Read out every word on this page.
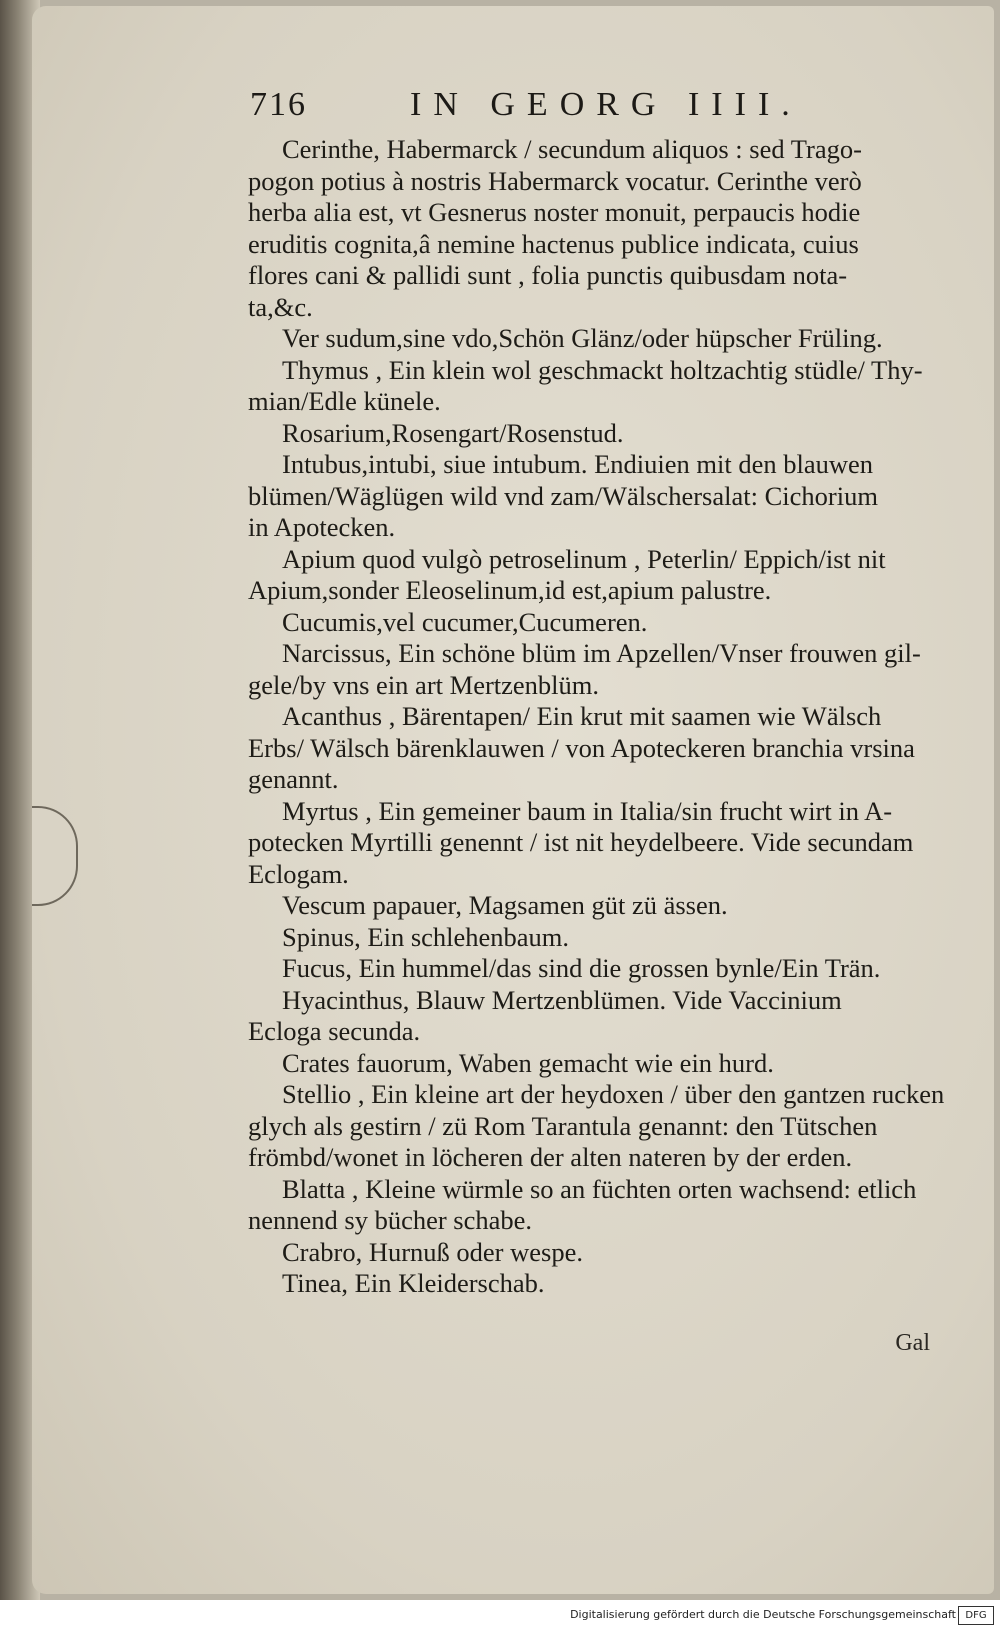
716	IN GEORG IIII.
Cerinthe, Habermarck / secundum aliquos : sed Trago-
pogon potius à nostris Habermarck vocatur. Cerinthe verò
herba alia est, vt Gesnerus noster monuit, perpaucis hodie
eruditis cognita,â nemine hactenus publice indicata, cuius
flores cani & pallidi sunt , folia punctis quibusdam nota-
ta,&c.
Ver sudum,sine vdo,Schön Glänz/oder hüpscher Früling.
Thymus , Ein klein wol geschmackt holtzachtig stüdle/ Thy-
mian/Edle künele.
Rosarium,Rosengart/Rosenstud.
Intubus,intubi, siue intubum. Endiuien mit den blauwen
blümen/Wäglügen wild vnd zam/Wälschersalat: Cichorium
in Apotecken.
Apium quod vulgò petroselinum , Peterlin/ Eppich/ist nit
Apium,sonder Eleoselinum,id est,apium palustre.
Cucumis,vel cucumer,Cucumeren.
Narcissus, Ein schöne blüm im Apzellen/Vnser frouwen gil-
gele/by vns ein art Mertzenblüm.
Acanthus , Bärentapen/ Ein krut mit saamen wie Wälsch
Erbs/ Wälsch bärenklauwen / von Apoteckeren branchia vrsina
genannt.
Myrtus , Ein gemeiner baum in Italia/sin frucht wirt in A-
potecken Myrtilli genennt / ist nit heydelbeere. Vide secundam
Eclogam.
Vescum papauer, Magsamen güt zü ässen.
Spinus, Ein schlehenbaum.
Fucus, Ein hummel/das sind die grossen bynle/Ein Trän.
Hyacinthus, Blauw Mertzenblümen. Vide Vaccinium
Ecloga secunda.
Crates fauorum, Waben gemacht wie ein hurd.
Stellio , Ein kleine art der heydoxen / über den gantzen rucken
glych als gestirn / zü Rom Tarantula genannt: den Tütschen
frömbd/wonet in löcheren der alten nateren by der erden.
Blatta , Kleine würmle so an füchten orten wachsend: etlich
nennend sy bücher schabe.
Crabro, Hurnuß oder wespe.
Tinea, Ein Kleiderschab.
Gal
Digitalisierung gefördert durch die Deutsche Forschungsgemeinschaft DFG
